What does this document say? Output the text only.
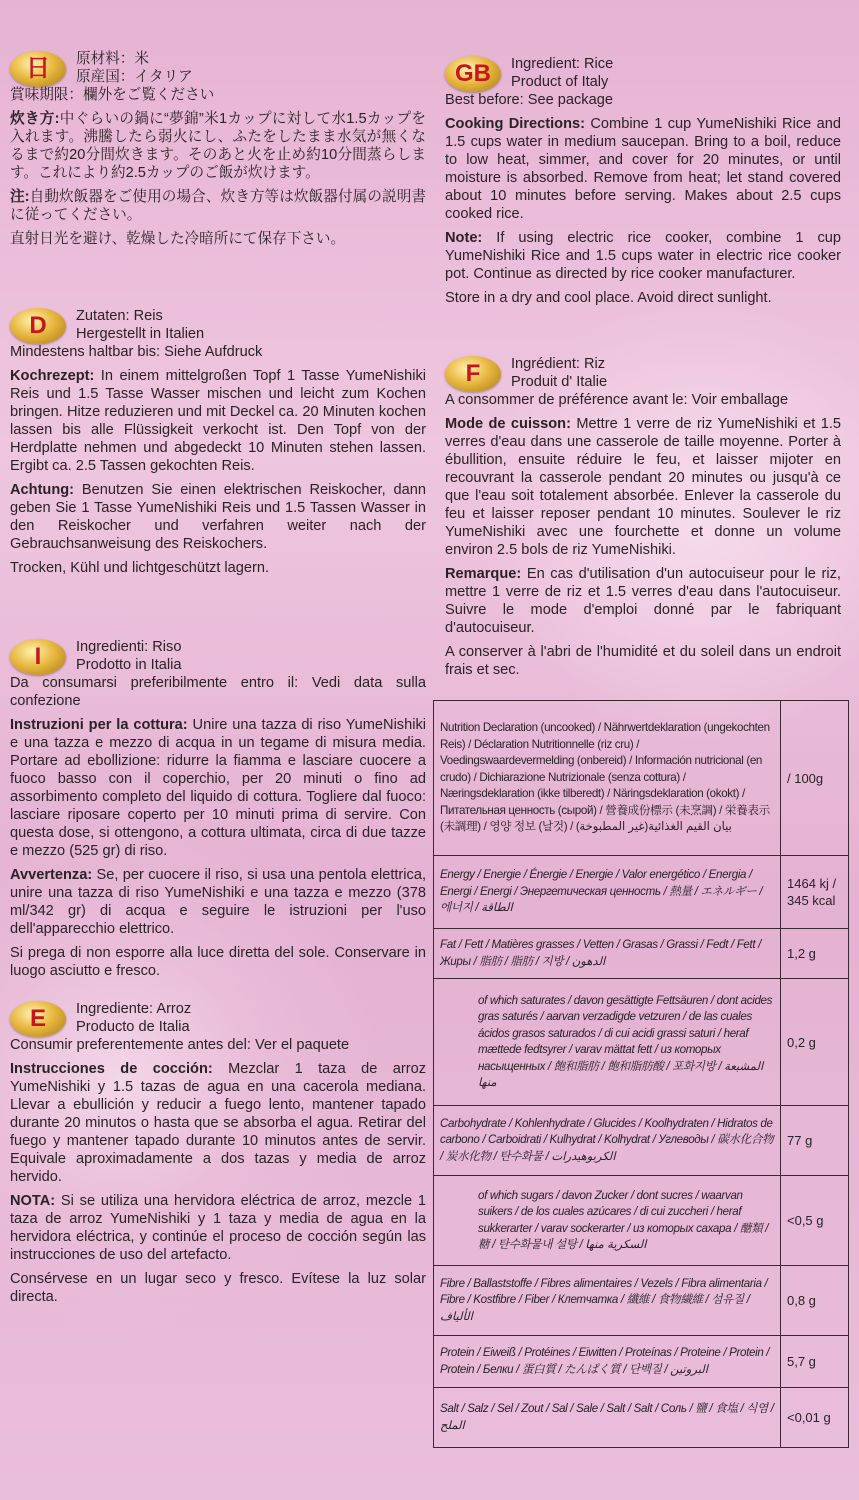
日	原材料：米
原産国：イタリア

賞味期限：欄外をご覧ください

炊き方:中ぐらいの鍋に“夢錦”米1カップに対して水1.5カップを入れます。沸騰したら弱火にし、ふたをしたまま水気が無くなるまで約20分間炊きます。そのあと火を止め約10分間蒸らします。これにより約2.5カップのご飯が炊けます。

注:自動炊飯器をご使用の場合、炊き方等は炊飯器付属の説明書に従ってください。

直射日光を避け、乾燥した冷暗所にて保存下さい。

D	Zutaten: Reis
Hergestellt in Italien

Mindestens haltbar bis: Siehe Aufdruck

Kochrezept: In einem mittelgroßen Topf 1 Tasse YumeNishiki Reis und 1.5 Tasse Wasser mischen und leicht zum Kochen bringen. Hitze reduzieren und mit Deckel ca. 20 Minuten kochen lassen bis alle Flüssigkeit verkocht ist. Den Topf von der Herdplatte nehmen und abgedeckt 10 Minuten stehen lassen. Ergibt ca. 2.5 Tassen gekochten Reis.

Achtung: Benutzen Sie einen elektrischen Reiskocher, dann geben Sie 1 Tasse YumeNishiki Reis und 1.5 Tassen Wasser in den Reiskocher und verfahren weiter nach der Gebrauchsanweisung des Reiskochers.

Trocken, Kühl und lichtgeschützt lagern.

I	Ingredienti: Riso
Prodotto in Italia

Da consumarsi preferibilmente entro il: Vedi data sulla confezione

Instruzioni per la cottura: Unire una tazza di riso YumeNishiki e una tazza e mezzo di acqua in un tegame di misura media. Portare ad ebollizione: ridurre la fiamma e lasciare cuocere a fuoco basso con il coperchio, per 20 minuti o fino ad assorbimento completo del liquido di cottura. Togliere dal fuoco: lasciare riposare coperto per 10 minuti prima di servire. Con questa dose, si ottengono, a cottura ultimata, circa di due tazze e mezzo (525 gr) di riso.

Avvertenza: Se, per cuocere il riso, si usa una pentola elettrica, unire una tazza di riso YumeNishiki e una tazza e mezzo (378 ml/342 gr) di acqua e seguire le istruzioni per l'uso dell'apparecchio elettrico.

Si prega di non esporre alla luce diretta del sole. Conservare in luogo asciutto e fresco.

E	Ingrediente: Arroz
Producto de Italia

Consumir preferentemente antes del: Ver el paquete

Instrucciones de cocción: Mezclar 1 taza de arroz YumeNishiki y 1.5 tazas de agua en una cacerola mediana. Llevar a ebullición y reducir a fuego lento, mantener tapado durante 20 minutos o hasta que se absorba el agua. Retirar del fuego y mantener tapado durante 10 minutos antes de servir. Equivale aproximadamente a dos tazas y media de arroz hervido.

NOTA: Si se utiliza una hervidora eléctrica de arroz, mezcle 1 taza de arroz YumeNishiki y 1 taza y media de agua en la hervidora eléctrica, y continúe el proceso de cocción según las instrucciones de uso del artefacto.

Consérvese en un lugar seco y fresco. Evítese la luz solar directa.

GB	Ingredient: Rice
Product of Italy

Best before: See package

Cooking Directions: Combine 1 cup YumeNishiki Rice and 1.5 cups water in medium saucepan. Bring to a boil, reduce to low heat, simmer, and cover for 20 minutes, or until moisture is absorbed. Remove from heat; let stand covered about 10 minutes before serving. Makes about 2.5 cups cooked rice.

Note: If using electric rice cooker, combine 1 cup YumeNishiki Rice and 1.5 cups water in electric rice cooker pot. Continue as directed by rice cooker manufacturer.

Store in a dry and cool place. Avoid direct sunlight.

F	Ingrédient: Riz
Produit d' Italie

A consommer de préférence avant le: Voir emballage

Mode de cuisson: Mettre 1 verre de riz YumeNishiki et 1.5 verres d'eau dans une casserole de taille moyenne. Porter à ébullition, ensuite réduire le feu, et laisser mijoter en recouvrant la casserole pendant 20 minutes ou jusqu'à ce que l'eau soit totalement absorbée. Enlever la casserole du feu et laisser reposer pendant 10 minutes. Soulever le riz YumeNishiki avec une fourchette et donne un volume environ 2.5 bols de riz YumeNishiki.

Remarque: En cas d'utilisation d'un autocuiseur pour le riz, mettre 1 verre de riz et 1.5 verres d'eau dans l'autocuiseur. Suivre le mode d'emploi donné par le fabriquant d'autocuiseur.

A conserver à l'abri de l'humidité et du soleil dans un endroit frais et sec.

Nutrition Declaration (uncooked) / Nährwertdeklaration (ungekochten Reis) / Déclaration Nutritionnelle (riz cru) / Voedingswaardevermelding (onbereid) / Información nutricional (en crudo) / Dichiarazione Nutrizionale (senza cottura) / Næringsdeklaration (ikke tilberedt) / Näringsdeklaration (okokt) / Питательная ценность (сырой) / 營養成份標示 (未烹調) / 栄養表示 (未調理) / 영양 정보 (날것) / (بيان القيم الغذائية(غير المطبوخة	/ 100g
Energy / Energie / Énergie / Energie / Valor energético / Energia / Energi / Energi / Энергетическая ценность / 熱量 / エネルギー / 에너지 / الطاقة	1464 kj / 345 kcal
Fat / Fett / Matières grasses / Vetten / Grasas / Grassi / Fedt / Fett / Жиры / 脂肪 / 脂肪 / 지방 / الدهون	1,2 g
of which saturates / davon gesättigte Fettsäuren / dont acides gras saturés / aarvan verzadigde vetzuren / de las cuales ácidos grasos saturados / di cui acidi grassi saturi / heraf mættede fedtsyrer / varav mättat fett / из которых насыщенных / 飽和脂肪 / 飽和脂肪酸 / 포화지방 / المشبعة منها	0,2 g
Carbohydrate / Kohlenhydrate / Glucides / Koolhydraten / Hidratos de carbono / Carboidrati / Kulhydrat / Kolhydrat / Углеводы / 碳水化合物 / 炭水化物 / 탄수화물 / الكربوهيدرات	77 g
of which sugars / davon Zucker / dont sucres / waarvan suikers / de los cuales azúcares / di cui zuccheri / heraf sukkerarter / varav sockerarter / из которых сахара / 醣類 / 糖 / 탄수화물내 설탕 / السكرية منها	<0,5 g
Fibre / Ballaststoffe / Fibres alimentaires / Vezels / Fibra alimentaria / Fibre / Kostfibre / Fiber / Клетчатка / 纖維 / 食物繊維 / 섬유질 / الألياف	0,8 g
Protein / Eiweiß / Protéines / Eiwitten / Proteínas / Proteine / Protein / Protein / Белки / 蛋白質 / たんぱく質 / 단백질 / البروتين	5,7 g
Salt / Salz / Sel / Zout / Sal / Sale / Salt / Salt / Соль / 鹽 / 食塩 / 식염 / الملح	<0,01 g
